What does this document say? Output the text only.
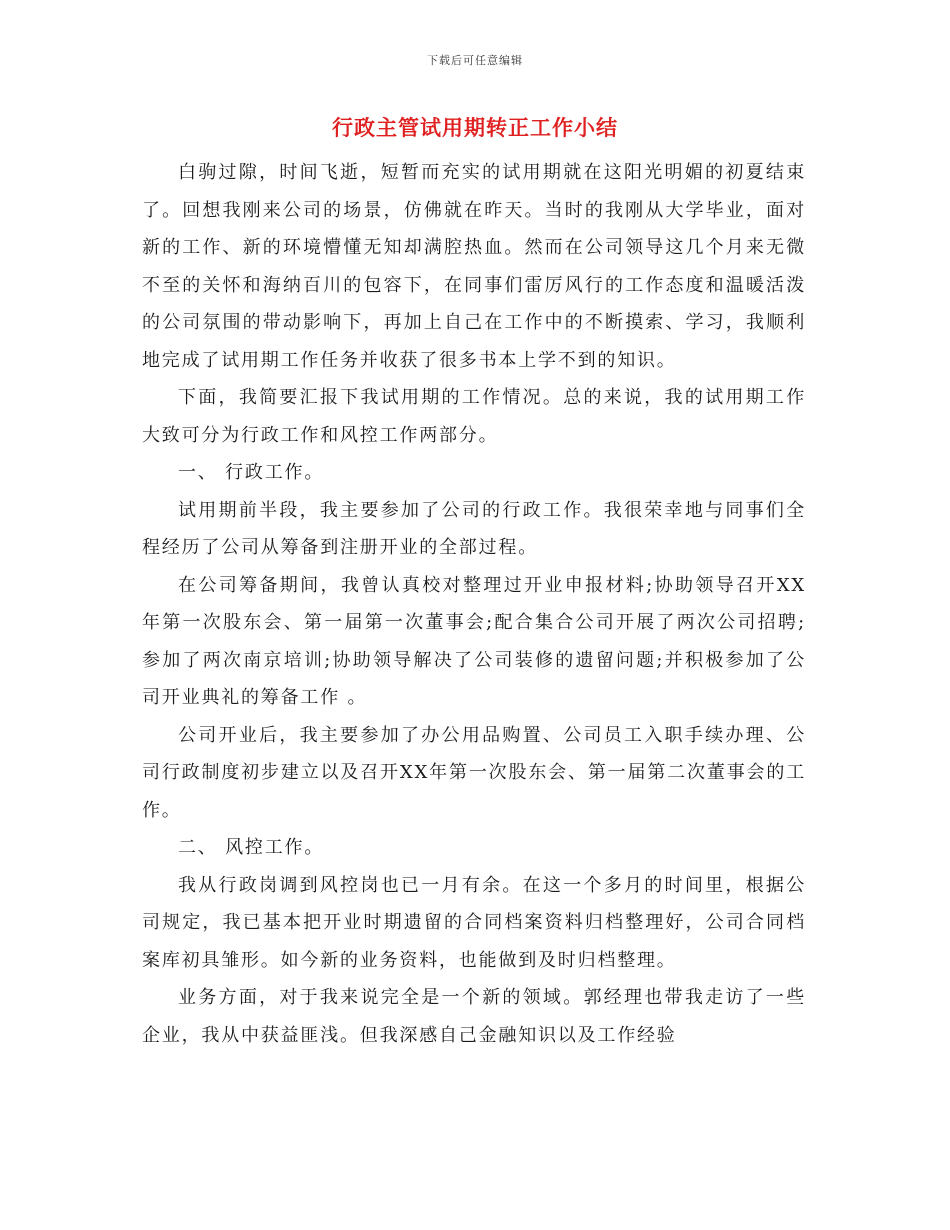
下载后可任意编辑
行政主管试用期转正工作小结

白驹过隙，时间飞逝，短暂而充实的试用期就在这阳光明媚的初夏结束了。回想我刚来公司的场景，仿佛就在昨天。当时的我刚从大学毕业，面对新的工作、新的环境懵懂无知却满腔热血。然而在公司领导这几个月来无微不至的关怀和海纳百川的包容下，在同事们雷厉风行的工作态度和温暖活泼的公司氛围的带动影响下，再加上自己在工作中的不断摸索、学习，我顺利地完成了试用期工作任务并收获了很多书本上学不到的知识。

下面，我简要汇报下我试用期的工作情况。总的来说，我的试用期工作大致可分为行政工作和风控工作两部分。

一、 行政工作。

试用期前半段，我主要参加了公司的行政工作。我很荣幸地与同事们全程经历了公司从筹备到注册开业的全部过程。

在公司筹备期间，我曾认真校对整理过开业申报材料;协助领导召开XX年第一次股东会、第一届第一次董事会;配合集合公司开展了两次公司招聘;参加了两次南京培训;协助领导解决了公司装修的遗留问题;并积极参加了公司开业典礼的筹备工作 。

公司开业后，我主要参加了办公用品购置、公司员工入职手续办理、公司行政制度初步建立以及召开XX年第一次股东会、第一届第二次董事会的工作。

二、 风控工作。

我从行政岗调到风控岗也已一月有余。在这一个多月的时间里，根据公司规定，我已基本把开业时期遗留的合同档案资料归档整理好，公司合同档案库初具雏形。如今新的业务资料，也能做到及时归档整理。

业务方面，对于我来说完全是一个新的领域。郭经理也带我走访了一些企业，我从中获益匪浅。但我深感自己金融知识以及工作经验
